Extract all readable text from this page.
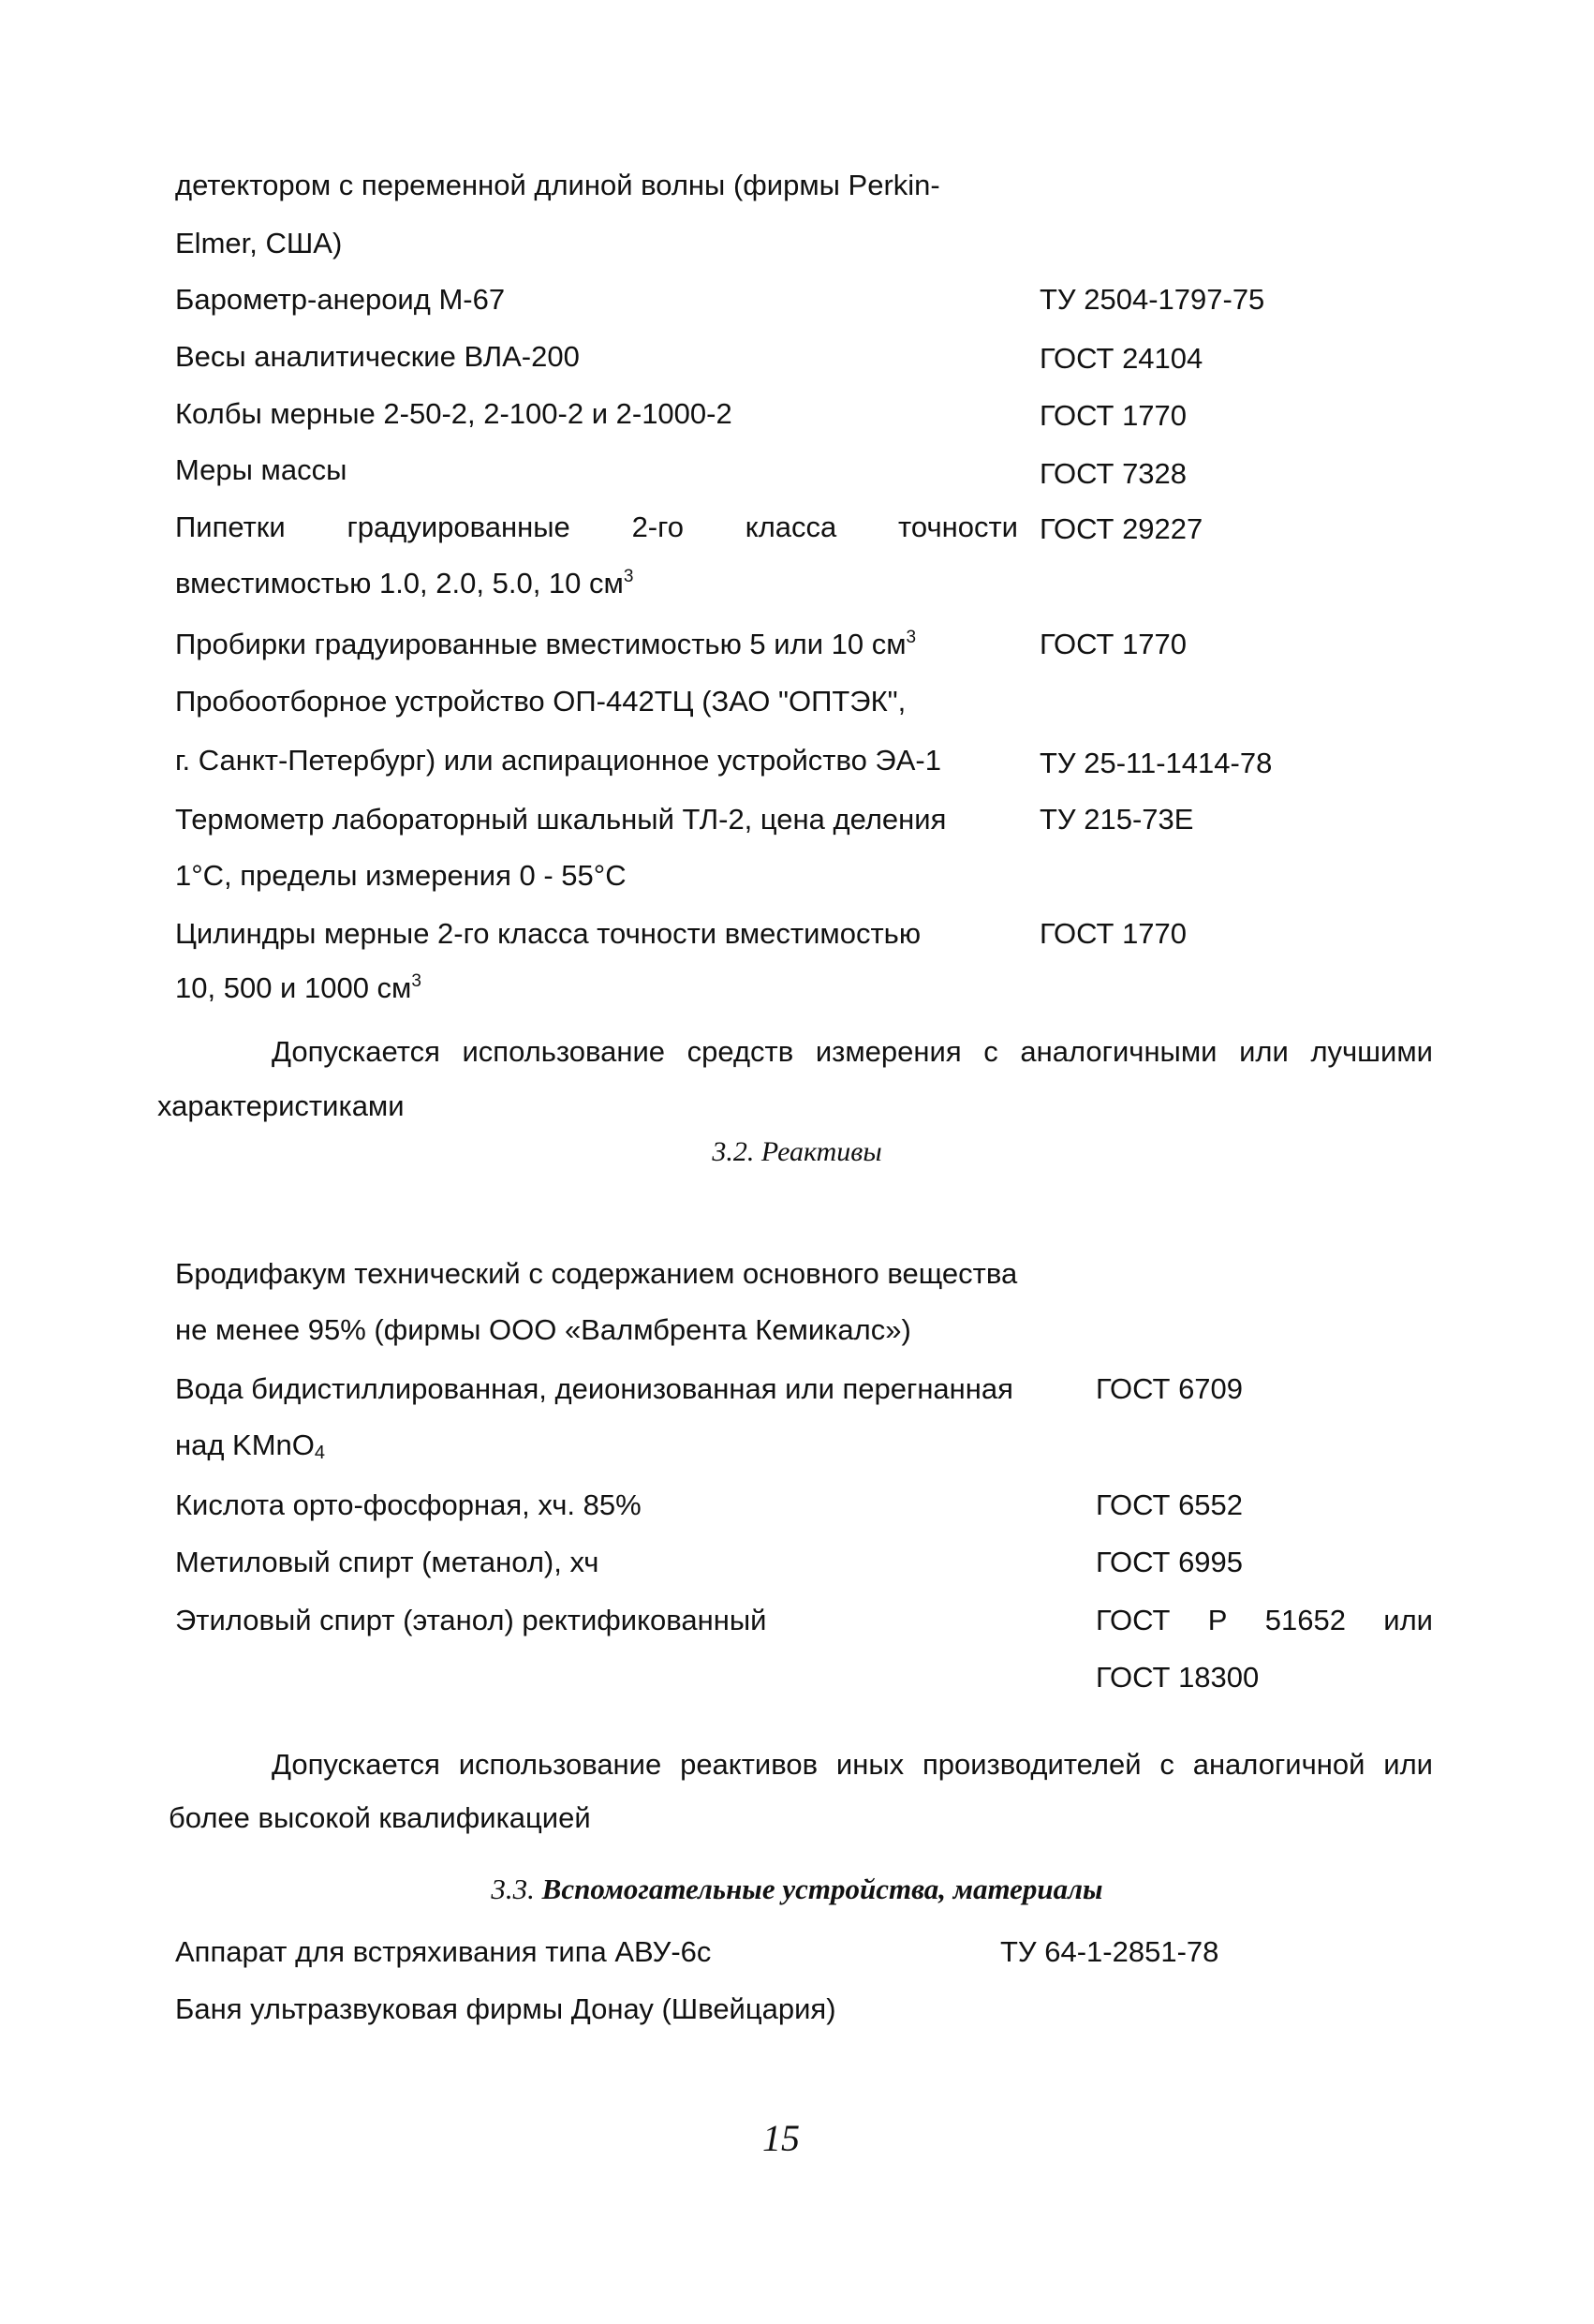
детектором с переменной длиной волны (фирмы Perkin-
Elmer, США)
Барометр-анероид М-67	ТУ 2504-1797-75
Весы аналитические ВЛА-200	ГОСТ 24104
Колбы мерные 2-50-2, 2-100-2 и 2-1000-2	ГОСТ 1770
Меры массы	ГОСТ 7328
Пипетки градуированные 2-го класса точности ГОСТ 29227
вместимостью 1.0, 2.0, 5.0, 10 $см^3$
Пробирки градуированные вместимостью 5 или 10 $см^3$	ГОСТ 1770
Пробоотборное устройство ОП-442ТЦ (ЗАО "ОПТЭК",
г. Санкт-Петербург) или аспирационное устройство ЭА-1	ТУ 25-11-1414-78
Термометр лабораторный шкальный ТЛ-2, цена деления	ТУ 215-73Е
1°С, пределы измерения 0 - 55°С
Цилиндры мерные 2-го класса точности вместимостью	ГОСТ 1770
10, 500 и 1000 $см^3$
Допускается использование средств измерения с аналогичными или лучшими
характеристиками
3.2. Реактивы
Бродифакум технический с содержанием основного вещества
не менее 95% (фирмы ООО «Валмбрента Кемикалс»)
Вода бидистиллированная, деионизованная или перегнанная	ГОСТ 6709
над KMnO$_4$
Кислота орто-фосфорная, хч. 85%	ГОСТ 6552
Метиловый спирт (метанол), хч	ГОСТ 6995
Этиловый спирт (этанол) ректификованный	ГОСТ Р 51652 или
ГОСТ 18300
Допускается использование реактивов иных производителей с аналогичной или
более высокой квалификацией
3.3. Вспомогательные устройства, материалы
Аппарат для встряхивания типа АВУ-6с	ТУ 64-1-2851-78
Баня ультразвуковая фирмы Донау (Швейцария)
15
